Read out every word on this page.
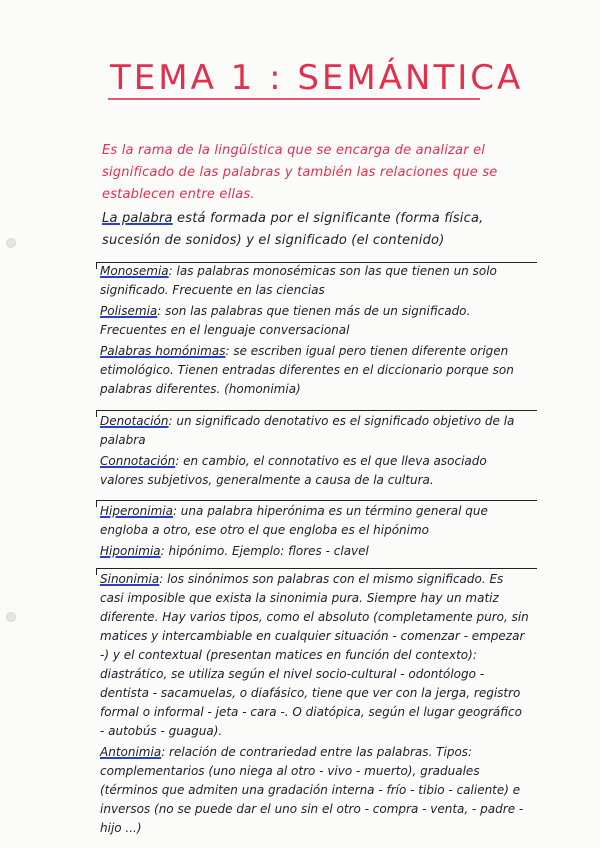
TEMA 1 : SEMÁNTICA
Es la rama de la lingüística que se encarga de analizar el significado de las palabras y también las relaciones que se establecen entre ellas.
La palabra está formada por el significante (forma física, sucesión de sonidos) y el significado (el contenido)

Monosemia: las palabras monosémicas son las que tienen un solo significado. Frecuente en las ciencias

Polisemia: son las palabras que tienen más de un significado. Frecuentes en el lenguaje conversacional

Palabras homónimas: se escriben igual pero tienen diferente origen etimológico. Tienen entradas diferentes en el diccionario porque son palabras diferentes. (homonimia)

Denotación: un significado denotativo es el significado objetivo de la palabra

Connotación: en cambio, el connotativo es el que lleva asociado valores subjetivos, generalmente a causa de la cultura.

Hiperonimia: una palabra hiperónima es un término general que engloba a otro, ese otro el que engloba es el hipónimo

Hiponimia: hipónimo. Ejemplo: flores - clavel

Sinonimia: los sinónimos son palabras con el mismo significado. Es casi imposible que exista la sinonimia pura. Siempre hay un matiz diferente. Hay varios tipos, como el absoluto (completamente puro, sin matices y intercambiable en cualquier situación - comenzar - empezar -) y el contextual (presentan matices en función del contexto): diastrático, se utiliza según el nivel socio-cultural - odontólogo - dentista - sacamuelas, o diafásico, tiene que ver con la jerga, registro formal o informal - jeta - cara -. O diatópica, según el lugar geográfico - autobús - guagua).

Antonimia: relación de contrariedad entre las palabras. Tipos: complementarios (uno niega al otro - vivo - muerto), graduales (términos que admiten una gradación interna - frío - tibio - caliente) e inversos (no se puede dar el uno sin el otro - compra - venta, - padre - hijo ...)
